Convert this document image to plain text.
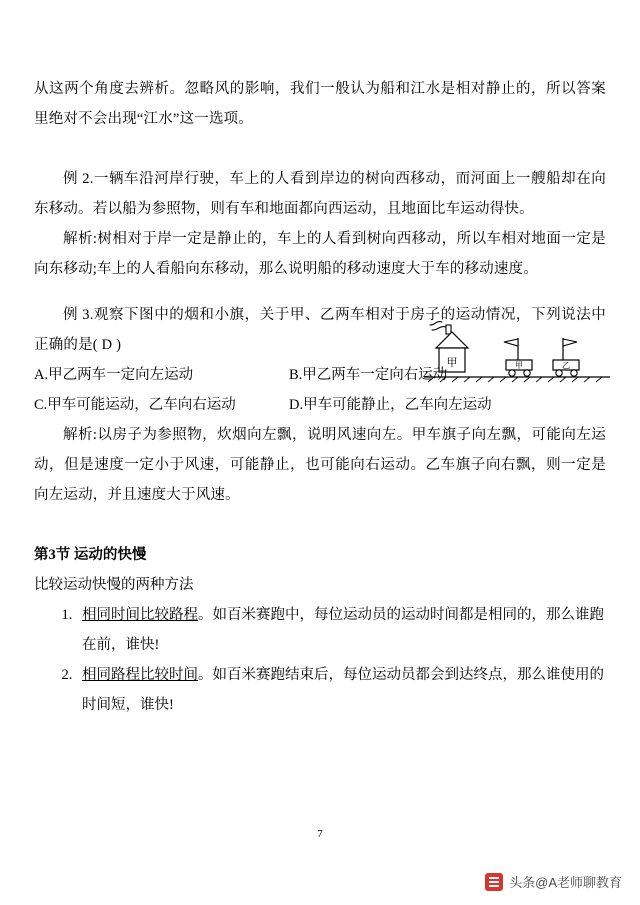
甲	甲	乙

从这两个角度去辨析。忽略风的影响，我们一般认为船和江水是相对静止的，所以答案里绝对不会出现“江水”这一选项。

例 2.一辆车沿河岸行驶，车上的人看到岸边的树向西移动，而河面上一艘船却在向东移动。若以船为参照物，则有车和地面都向西运动，且地面比车运动得快。

解析:树相对于岸一定是静止的，车上的人看到树向西移动，所以车相对地面一定是向东移动;车上的人看船向东移动，那么说明船的移动速度大于车的移动速度。

例 3.观察下图中的烟和小旗，关于甲、乙两车相对于房子的运动情况，下列说法中正确的是( D )

A.甲乙两车一定向左运动	B.甲乙两车一定向右运动
C.甲车可能运动，乙车向右运动	D.甲车可能静止，乙车向左运动

解析:以房子为参照物，炊烟向左飘，说明风速向左。甲车旗子向左飘，可能向左运动，但是速度一定小于风速，可能静止，也可能向右运动。乙车旗子向右飘，则一定是向左运动，并且速度大于风速。

第3节 运动的快慢

比较运动快慢的两种方法

1. 相同时间比较路程。如百米赛跑中，每位运动员的运动时间都是相同的，那么谁跑在前，谁快!
2. 相同路程比较时间。如百米赛跑结束后，每位运动员都会到达终点，那么谁使用的时间短，谁快!
7
头条@A老师聊教育
